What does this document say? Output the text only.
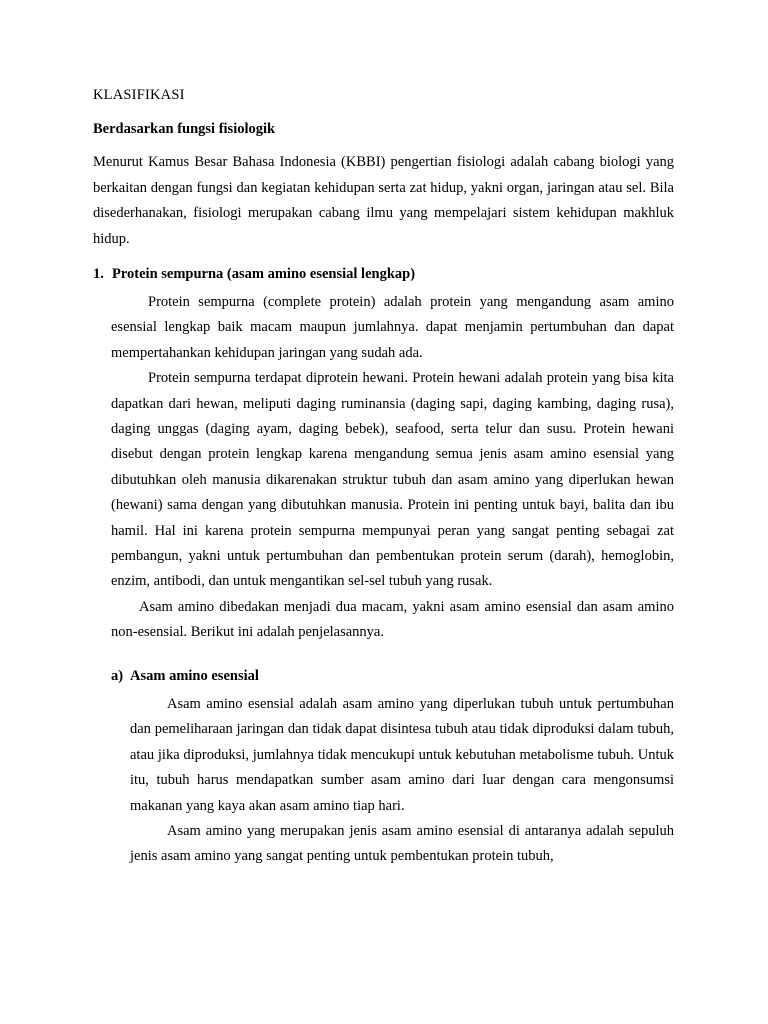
KLASIFIKASI
Berdasarkan fungsi fisiologik
Menurut Kamus Besar Bahasa Indonesia (KBBI) pengertian fisiologi adalah cabang biologi yang berkaitan dengan fungsi dan kegiatan kehidupan serta zat hidup, yakni organ, jaringan atau sel. Bila disederhanakan, fisiologi merupakan cabang ilmu yang mempelajari sistem kehidupan makhluk hidup.
1. Protein sempurna (asam amino esensial lengkap)

Protein sempurna (complete protein) adalah protein yang mengandung asam amino esensial lengkap baik macam maupun jumlahnya. dapat menjamin pertumbuhan dan dapat mempertahankan kehidupan jaringan yang sudah ada.

Protein sempurna terdapat diprotein hewani. Protein hewani adalah protein yang bisa kita dapatkan dari hewan, meliputi daging ruminansia (daging sapi, daging kambing, daging rusa), daging unggas (daging ayam, daging bebek), seafood, serta telur dan susu. Protein hewani disebut dengan protein lengkap karena mengandung semua jenis asam amino esensial yang dibutuhkan oleh manusia dikarenakan struktur tubuh dan asam amino yang diperlukan hewan (hewani) sama dengan yang dibutuhkan manusia. Protein ini penting untuk bayi, balita dan ibu hamil. Hal ini karena protein sempurna mempunyai peran yang sangat penting sebagai zat pembangun, yakni untuk pertumbuhan dan pembentukan protein serum (darah), hemoglobin, enzim, antibodi, dan untuk mengantikan sel-sel tubuh yang rusak.

Asam amino dibedakan menjadi dua macam, yakni asam amino esensial dan asam amino non-esensial. Berikut ini adalah penjelasannya.

a) Asam amino esensial

Asam amino esensial adalah asam amino yang diperlukan tubuh untuk pertumbuhan dan pemeliharaan jaringan dan tidak dapat disintesa tubuh atau tidak diproduksi dalam tubuh, atau jika diproduksi, jumlahnya tidak mencukupi untuk kebutuhan metabolisme tubuh. Untuk itu, tubuh harus mendapatkan sumber asam amino dari luar dengan cara mengonsumsi makanan yang kaya akan asam amino tiap hari.

Asam amino yang merupakan jenis asam amino esensial di antaranya adalah sepuluh jenis asam amino yang sangat penting untuk pembentukan protein tubuh,
